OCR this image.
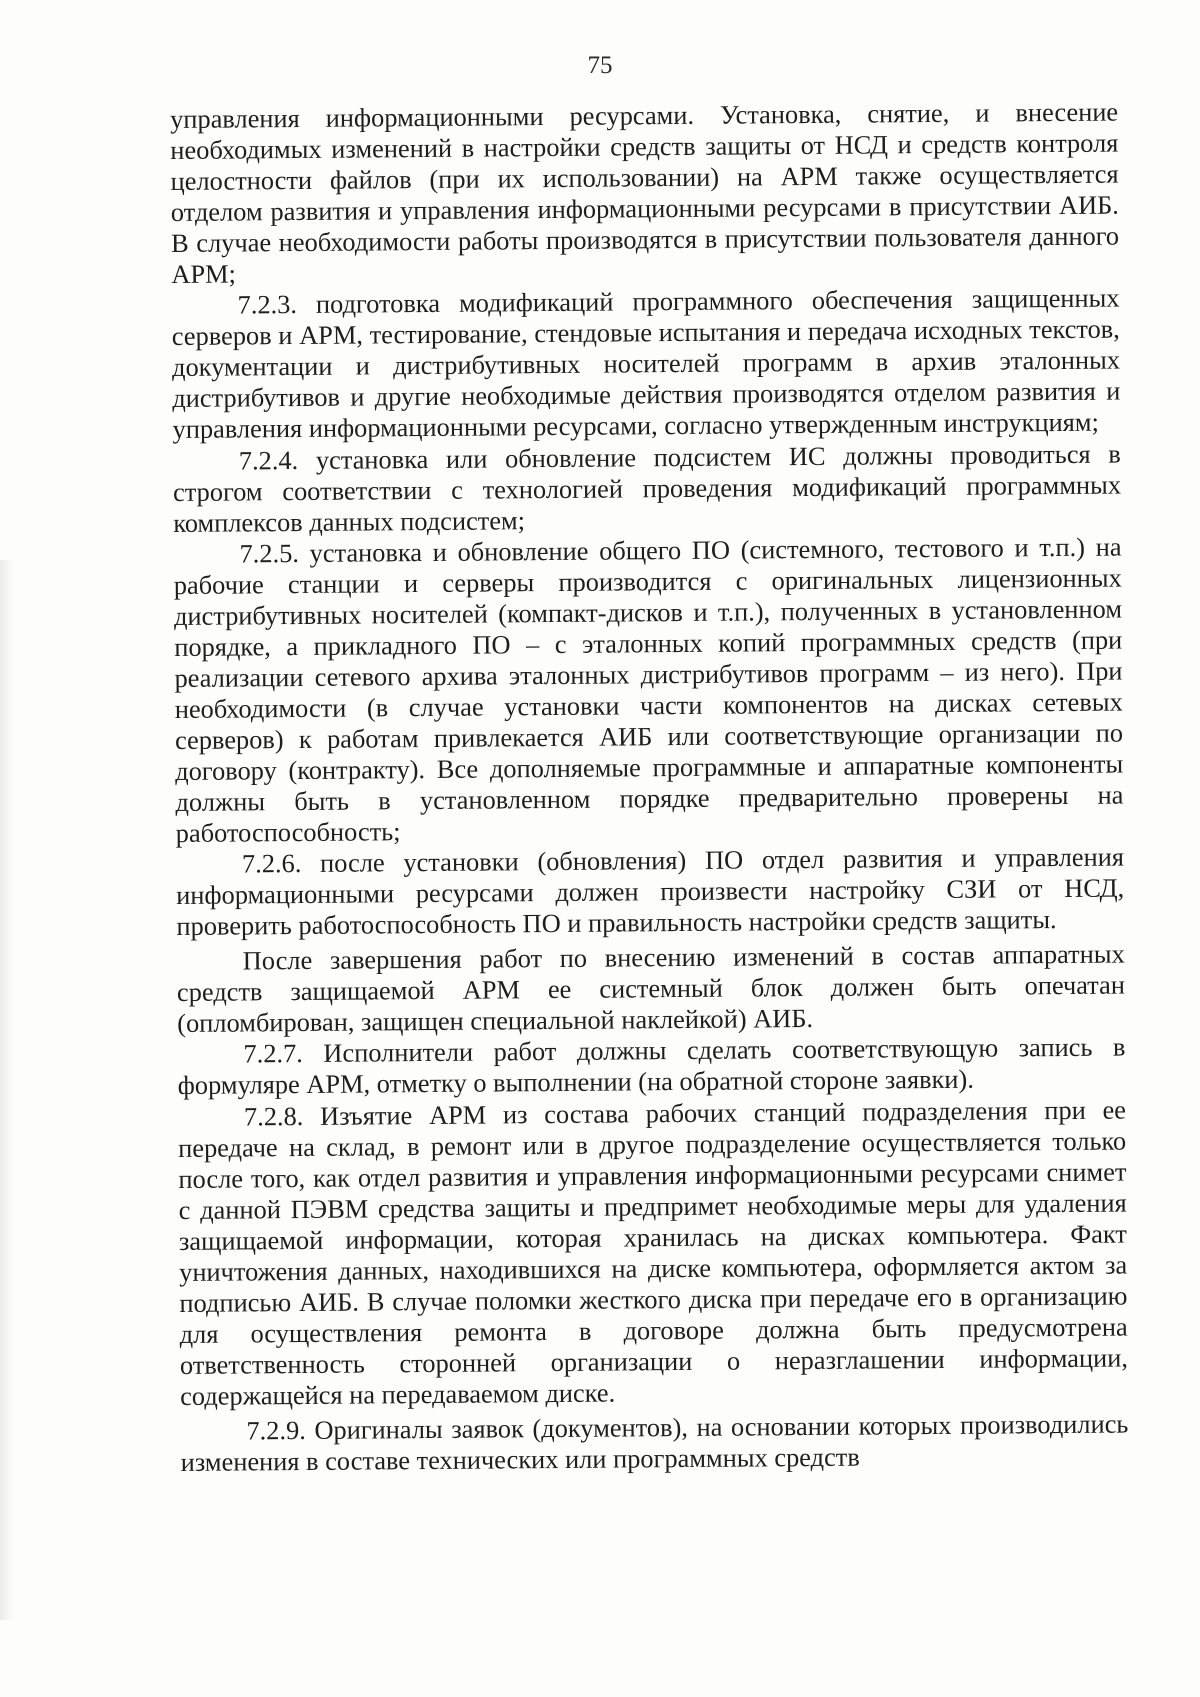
75

управления информационными ресурсами. Установка, снятие, и внесение необходимых изменений в настройки средств защиты от НСД и средств контроля целостности файлов (при их использовании) на АРМ также осуществляется отделом развития и управления информационными ресурсами в присутствии АИБ. В случае необходимости работы производятся в присутствии пользователя данного АРМ;

7.2.3. подготовка модификаций программного обеспечения защищенных серверов и АРМ, тестирование, стендовые испытания и передача исходных текстов, документации и дистрибутивных носителей программ в архив эталонных дистрибутивов и другие необходимые действия производятся отделом развития и управления информационными ресурсами, согласно утвержденным инструкциям;

7.2.4. установка или обновление подсистем ИС должны проводиться в строгом соответствии с технологией проведения модификаций программных комплексов данных подсистем;

7.2.5. установка и обновление общего ПО (системного, тестового и т.п.) на рабочие станции и серверы производится с оригинальных лицензионных дистрибутивных носителей (компакт-дисков и т.п.), полученных в установленном порядке, а прикладного ПО – с эталонных копий программных средств (при реализации сетевого архива эталонных дистрибутивов программ – из него). При необходимости (в случае установки части компонентов на дисках сетевых серверов) к работам привлекается АИБ или соответствующие организации по договору (контракту). Все дополняемые программные и аппаратные компоненты должны быть в установленном порядке предварительно проверены на работоспособность;

7.2.6. после установки (обновления) ПО отдел развития и управления информационными ресурсами должен произвести настройку СЗИ от НСД, проверить работоспособность ПО и правильность настройки средств защиты.

После завершения работ по внесению изменений в состав аппаратных средств защищаемой АРМ ее системный блок должен быть опечатан (опломбирован, защищен специальной наклейкой) АИБ.

7.2.7. Исполнители работ должны сделать соответствующую запись в формуляре АРМ, отметку о выполнении (на обратной стороне заявки).

7.2.8. Изъятие АРМ из состава рабочих станций подразделения при ее передаче на склад, в ремонт или в другое подразделение осуществляется только после того, как отдел развития и управления информационными ресурсами снимет с данной ПЭВМ средства защиты и предпримет необходимые меры для удаления защищаемой информации, которая хранилась на дисках компьютера. Факт уничтожения данных, находившихся на диске компьютера, оформляется актом за подписью АИБ. В случае поломки жесткого диска при передаче его в организацию для осуществления ремонта в договоре должна быть предусмотрена ответственность сторонней организации о неразглашении информации, содержащейся на передаваемом диске.

7.2.9. Оригиналы заявок (документов), на основании которых производились изменения в составе технических или программных средств
